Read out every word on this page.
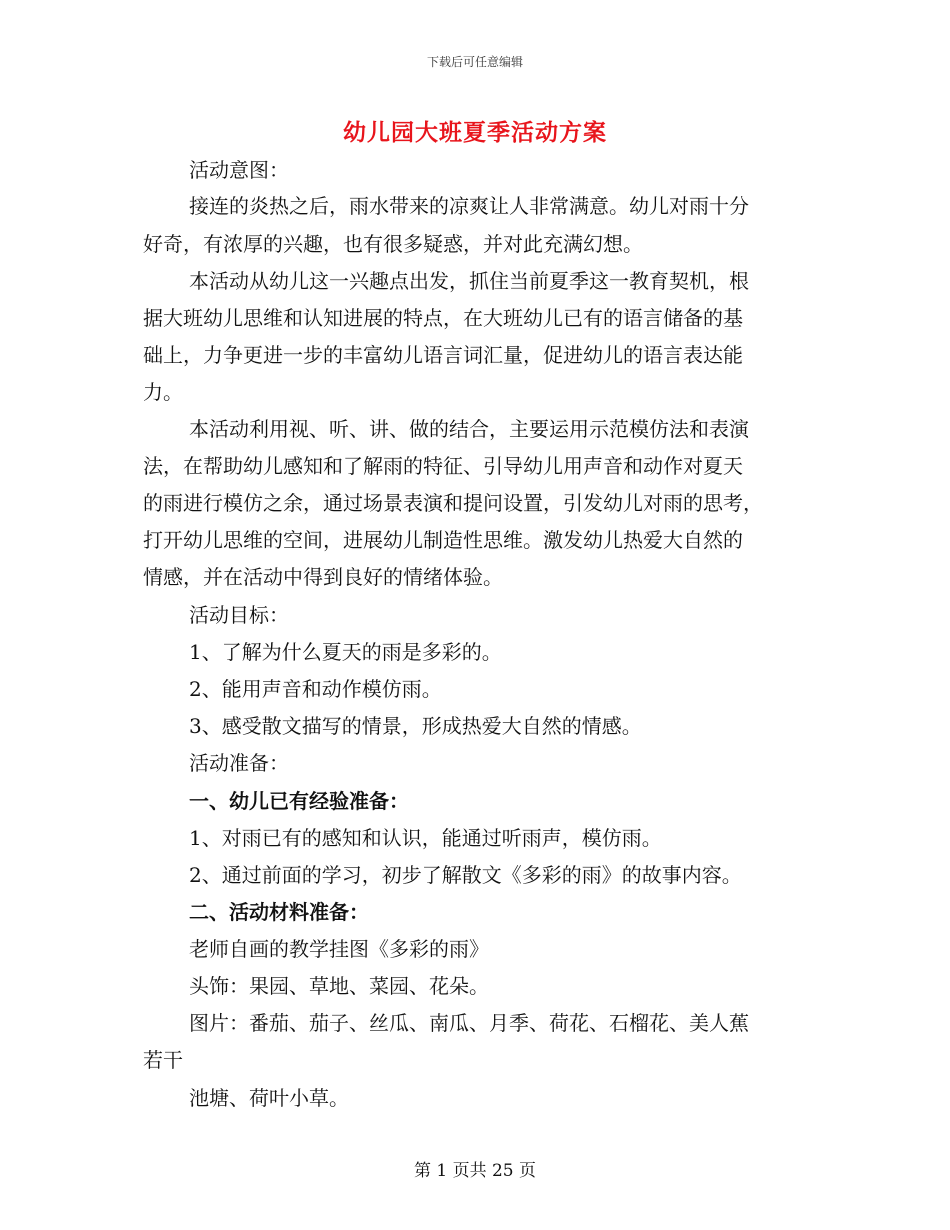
下载后可任意编辑
幼儿园大班夏季活动方案
活动意图：
接连的炎热之后，雨水带来的凉爽让人非常满意。幼儿对雨十分
好奇，有浓厚的兴趣，也有很多疑惑，并对此充满幻想。
本活动从幼儿这一兴趣点出发，抓住当前夏季这一教育契机，根
据大班幼儿思维和认知进展的特点，在大班幼儿已有的语言储备的基
础上，力争更进一步的丰富幼儿语言词汇量，促进幼儿的语言表达能
力。
本活动利用视、听、讲、做的结合，主要运用示范模仿法和表演
法，在帮助幼儿感知和了解雨的特征、引导幼儿用声音和动作对夏天
的雨进行模仿之余，通过场景表演和提问设置，引发幼儿对雨的思考，
打开幼儿思维的空间，进展幼儿制造性思维。激发幼儿热爱大自然的
情感，并在活动中得到良好的情绪体验。
活动目标：
1、了解为什么夏天的雨是多彩的。
2、能用声音和动作模仿雨。
3、感受散文描写的情景，形成热爱大自然的情感。
活动准备：
一、幼儿已有经验准备：
1、对雨已有的感知和认识，能通过听雨声，模仿雨。
2、通过前面的学习，初步了解散文《多彩的雨》的故事内容。
二、活动材料准备：
老师自画的教学挂图《多彩的雨》
头饰：果园、草地、菜园、花朵。
图片：番茄、茄子、丝瓜、南瓜、月季、荷花、石榴花、美人蕉
若干
池塘、荷叶小草。
第 1 页共 25 页
